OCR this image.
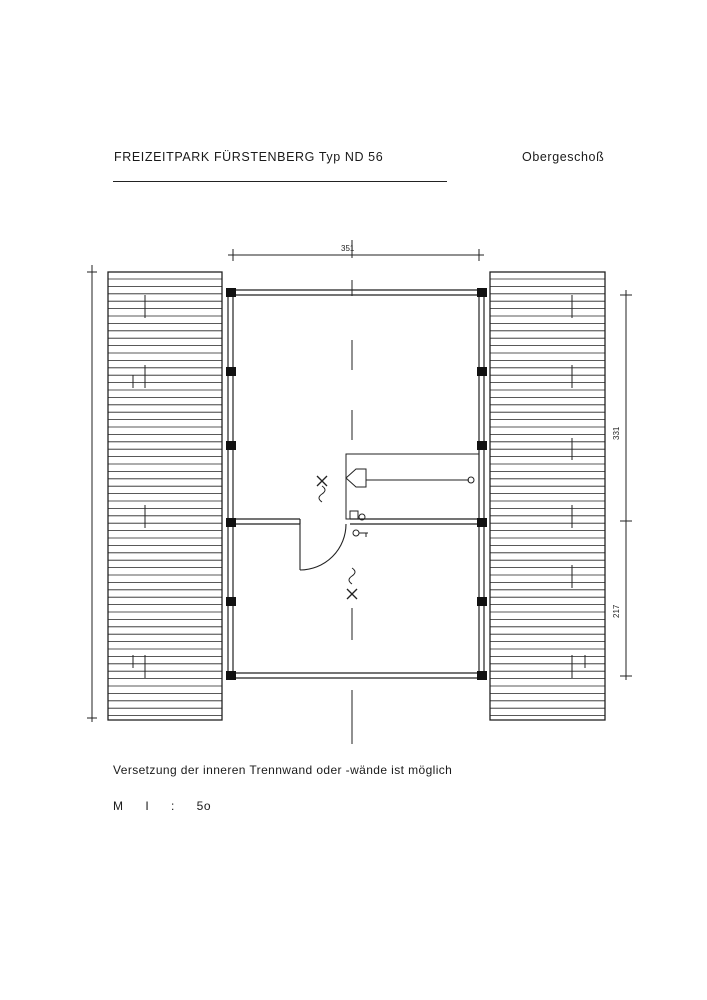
FREIZEITPARK FÜRSTENBERG Typ ND 56	Obergeschoß
351
331
217
Versetzung der inneren Trennwand oder -wände ist möglich
M I : 5o
